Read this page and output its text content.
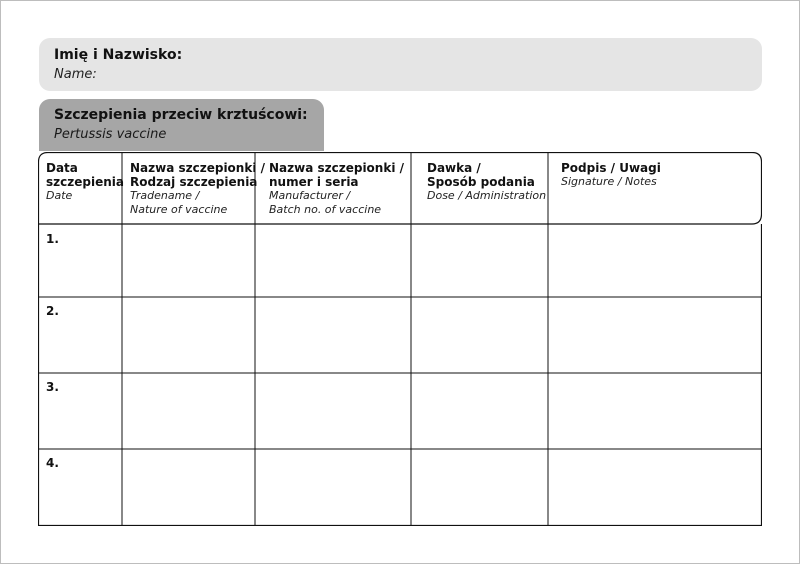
Imię i Nazwisko:
Name:
Szczepienia przeciw krztuścowi:
Pertussis vaccine
Data
szczepienia
Date
Nazwa szczepionki /
Rodzaj szczepienia
Tradename /
Nature of vaccine
Nazwa szczepionki /
numer i seria
Manufacturer /
Batch no. of vaccine
Dawka /
Sposób podania
Dose / Administration
Podpis / Uwagi
Signature / Notes
1.
2.
3.
4.
